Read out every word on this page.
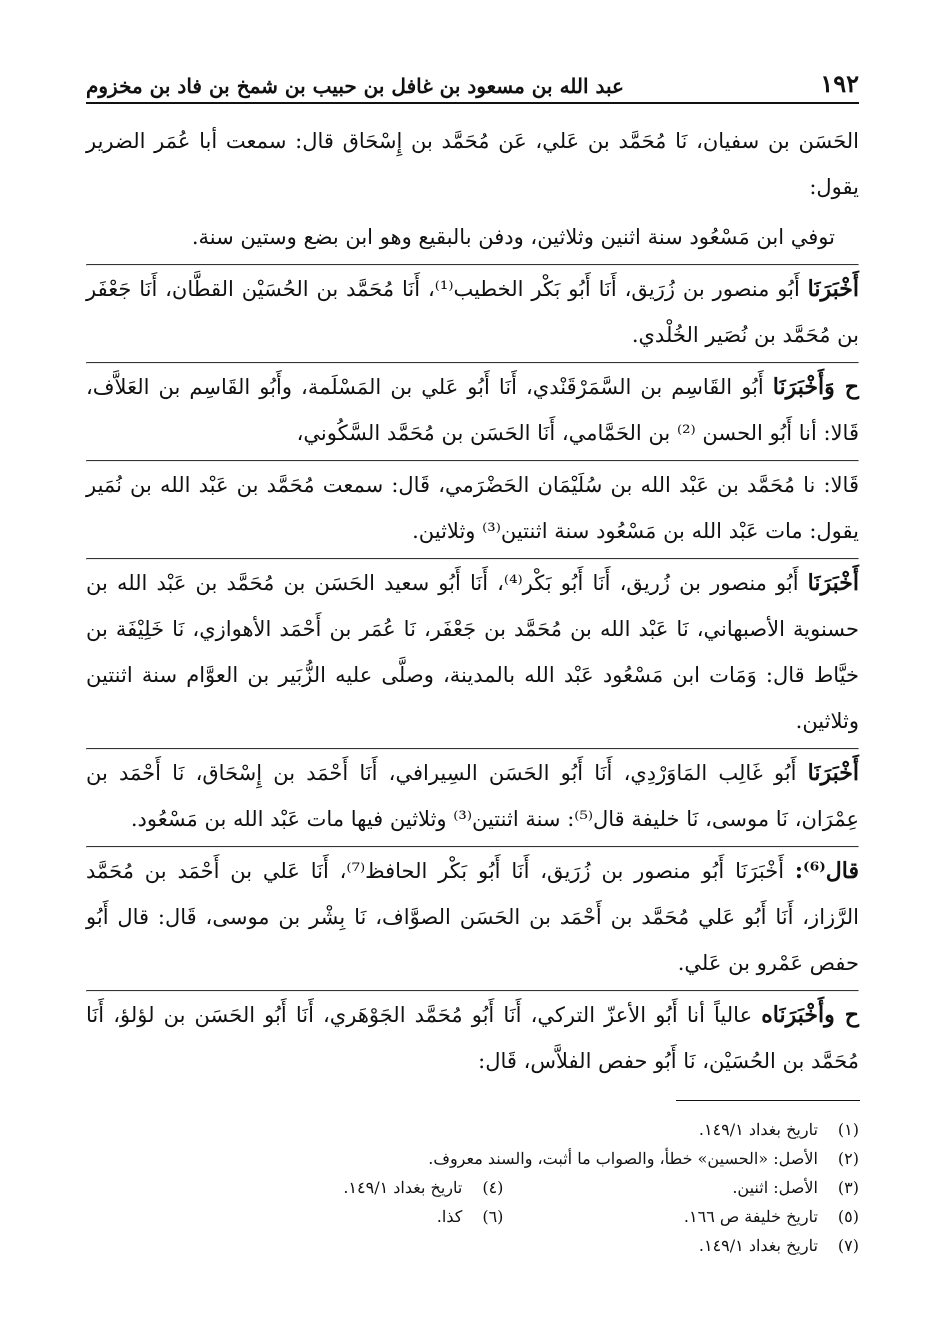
١٩٢
عبد الله بن مسعود بن غافل بن حبيب بن شمخ بن فاد بن مخزوم

الحَسَن بن سفيان، نَا مُحَمَّد بن عَلي، عَن مُحَمَّد بن إِسْحَاق قال: سمعت أبا عُمَر الضرير يقول:

توفي ابن مَسْعُود سنة اثنين وثلاثين، ودفن بالبقيع وهو ابن بضع وستين سنة.

أَخْبَرَنَا أَبُو منصور بن زُرَيق، أَنَا أَبُو بَكْر الخطيب⁽¹⁾، أَنَا مُحَمَّد بن الحُسَيْن القطَّان، أَنَا جَعْفَر بن مُحَمَّد بن نُصَير الخُلْدي.

ح وَأَخْبَرَنَا أَبُو القَاسِم بن السَّمَرْقَنْدي، أَنَا أَبُو عَلي بن المَسْلَمة، وأَبُو القَاسِم بن العَلاَّف، قَالا: أنا أَبُو الحسن ⁽²⁾ بن الحَمَّامي، أَنَا الحَسَن بن مُحَمَّد السَّكُوني،

قَالا: نا مُحَمَّد بن عَبْد الله بن سُلَيْمَان الحَضْرَمي، قَال: سمعت مُحَمَّد بن عَبْد الله بن نُمَير يقول: مات عَبْد الله بن مَسْعُود سنة اثنتين⁽³⁾ وثلاثين.

أَخْبَرَنَا أَبُو منصور بن زُريق، أَنَا أَبُو بَكْر⁽⁴⁾، أَنَا أَبُو سعيد الحَسَن بن مُحَمَّد بن عَبْد الله بن حسنوية الأصبهاني، نَا عَبْد الله بن مُحَمَّد بن جَعْفَر، نَا عُمَر بن أَحْمَد الأهوازي، نَا خَلِيْفَة بن خيَّاط قال: وَمَات ابن مَسْعُود عَبْد الله بالمدينة، وصلَّى عليه الزُّبَير بن العوَّام سنة اثنتين وثلاثين.

أَخْبَرَنَا أَبُو غَالِب المَاوَرْدِي، أَنَا أَبُو الحَسَن السِيرافي، أَنَا أَحْمَد بن إِسْحَاق، نَا أَحْمَد بن عِمْرَان، نَا موسى، نَا خليفة قال⁽⁵⁾: سنة اثنتين⁽³⁾ وثلاثين فيها مات عَبْد الله بن مَسْعُود.

قال⁽⁶⁾: أَخْبَرَنَا أَبُو منصور بن زُرَيق، أَنَا أَبُو بَكْر الحافظ⁽⁷⁾، أَنَا عَلي بن أَحْمَد بن مُحَمَّد الرَّزاز، أَنَا أَبُو عَلي مُحَمَّد بن أَحْمَد بن الحَسَن الصوَّاف، نَا بِشْر بن موسى، قَال: قال أَبُو حفص عَمْرو بن عَلي.

ح وأَخْبَرَنَاه عالياً أنا أَبُو الأعزّ التركي، أَنَا أَبُو مُحَمَّد الجَوْهَري، أَنَا أَبُو الحَسَن بن لؤلؤ، أَنَا مُحَمَّد بن الحُسَيْن، نَا أَبُو حفص الفلاَّس، قَال:

(١) تاريخ بغداد ١٤٩/١.
(٢) الأصل: «الحسين» خطأ، والصواب ما أثبت، والسند معروف.
(٣) الأصل: اثنين.
(٤) تاريخ بغداد ١٤٩/١.
(٥) تاريخ خليفة ص ١٦٦.
(٦) كذا.
(٧) تاريخ بغداد ١٤٩/١.
